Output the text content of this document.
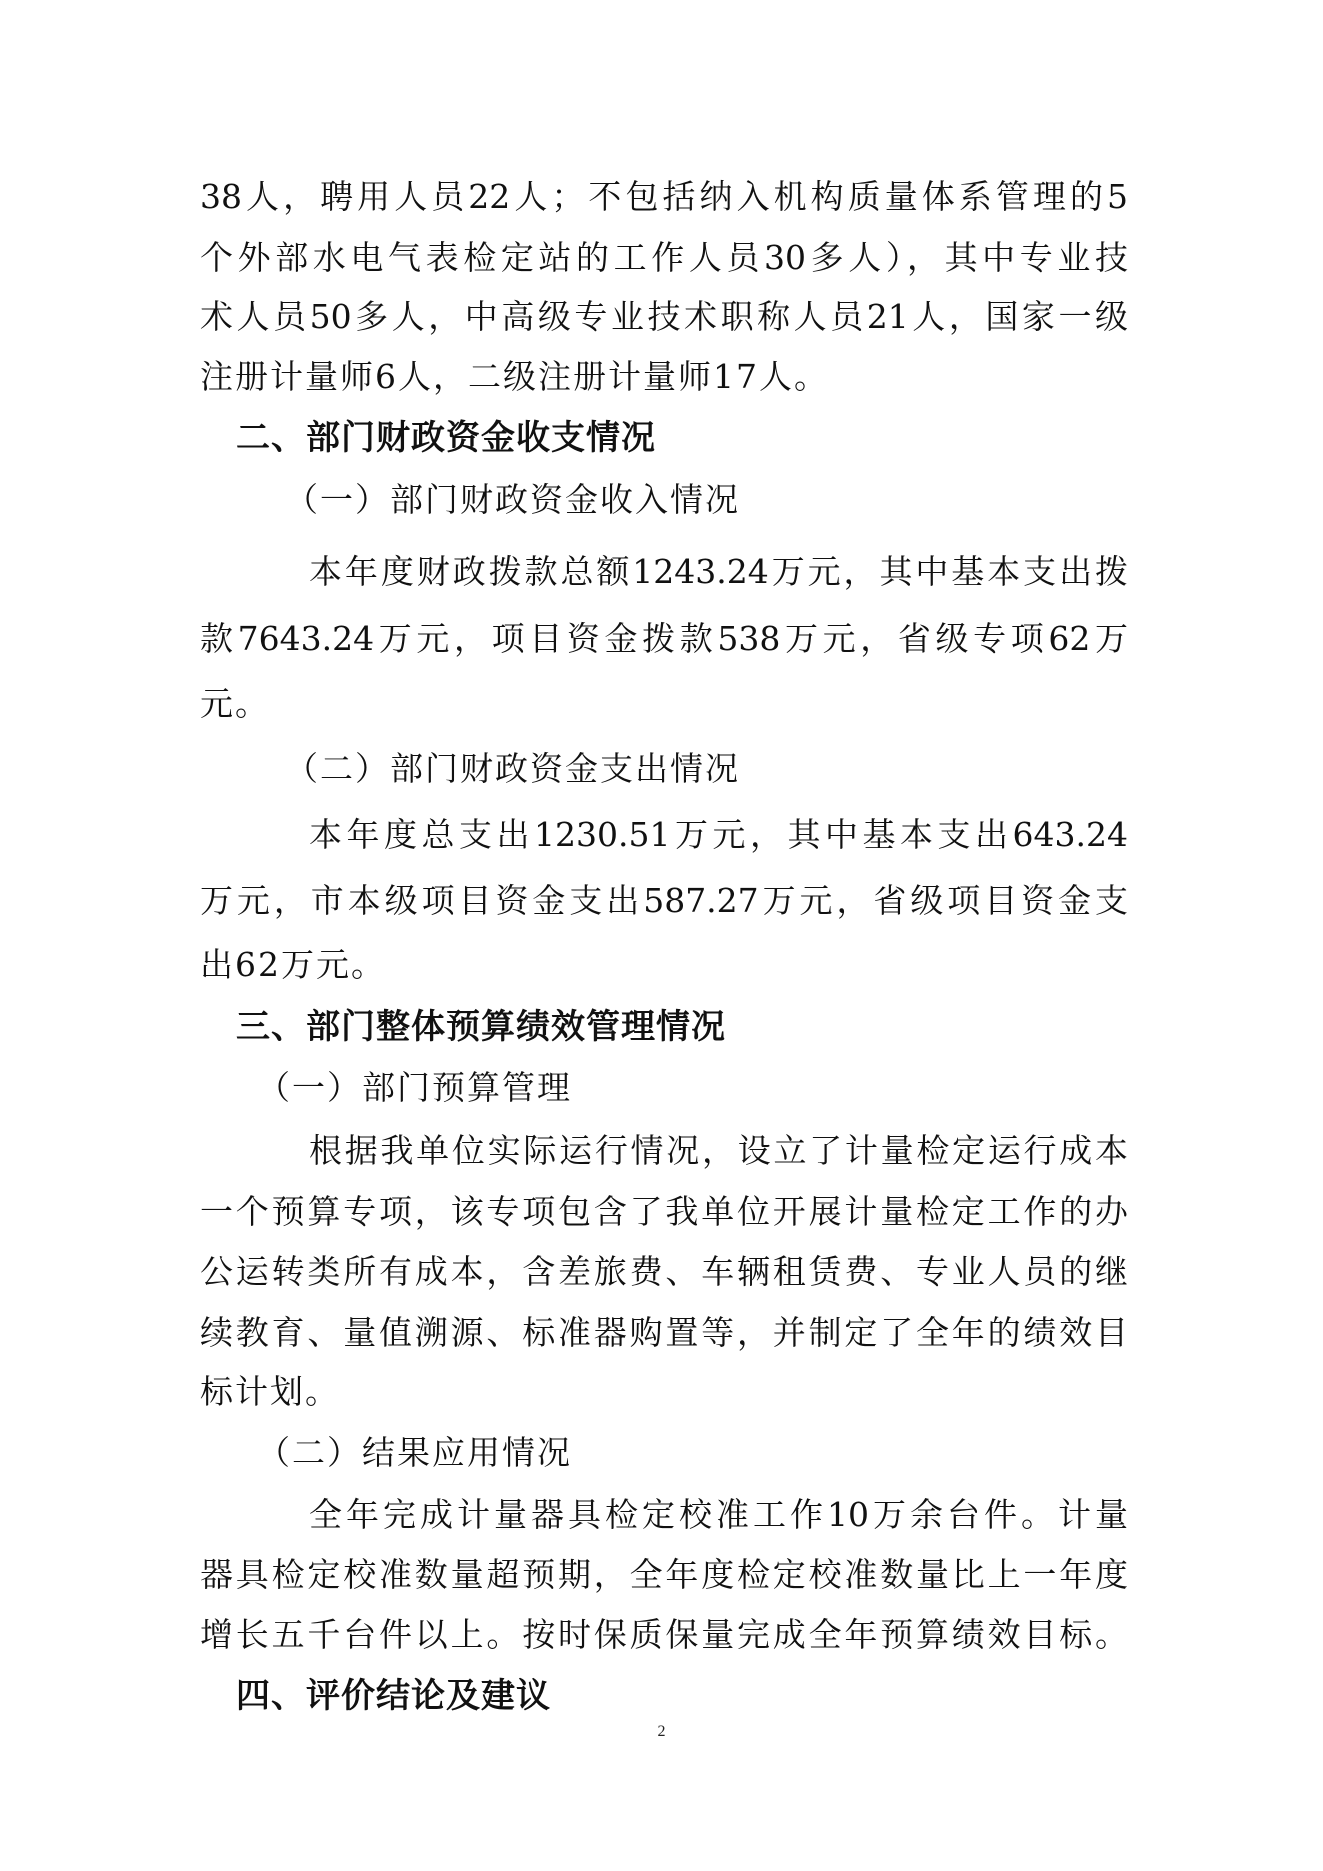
38人，聘用人员22人；不包括纳入机构质量体系管理的5
个外部水电气表检定站的工作人员30多人），其中专业技
术人员50多人，中高级专业技术职称人员21人，国家一级
注册计量师6人，二级注册计量师17人。
二、部门财政资金收支情况
（一）部门财政资金收入情况
本年度财政拨款总额1243.24万元，其中基本支出拨
款7643.24万元，项目资金拨款538万元，省级专项62万
元。
（二）部门财政资金支出情况
本年度总支出1230.51万元，其中基本支出643.24
万元，市本级项目资金支出587.27万元，省级项目资金支
出62万元。
三、部门整体预算绩效管理情况
（一）部门预算管理
根据我单位实际运行情况，设立了计量检定运行成本
一个预算专项，该专项包含了我单位开展计量检定工作的办
公运转类所有成本，含差旅费、车辆租赁费、专业人员的继
续教育、量值溯源、标准器购置等，并制定了全年的绩效目
标计划。
（二）结果应用情况
全年完成计量器具检定校准工作10万余台件。计量
器具检定校准数量超预期，全年度检定校准数量比上一年度
增长五千台件以上。按时保质保量完成全年预算绩效目标。
四、评价结论及建议
2
